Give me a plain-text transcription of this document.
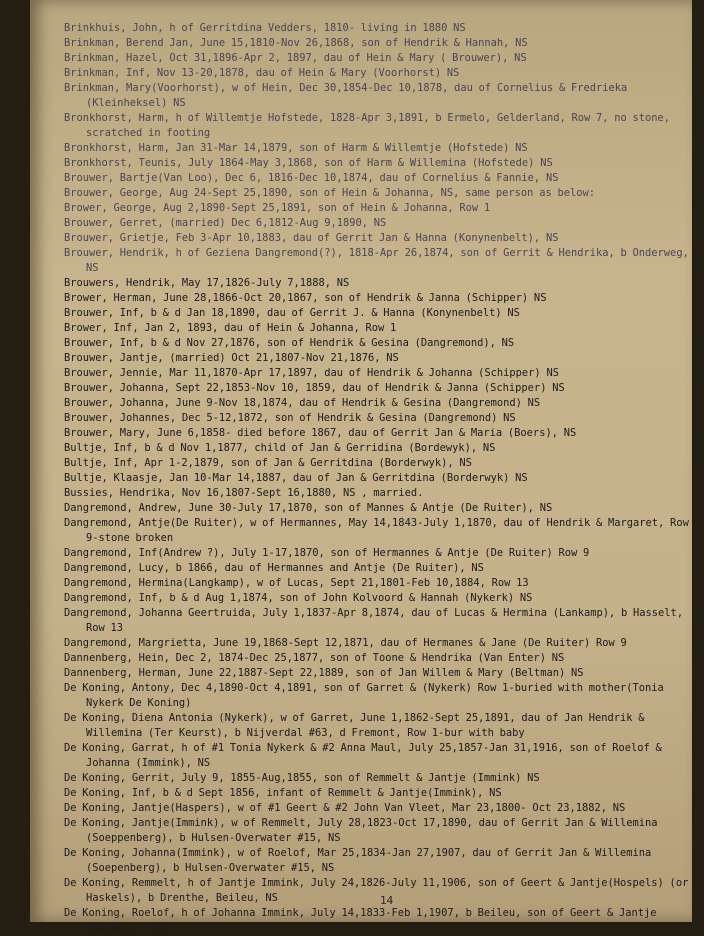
Brinkhuis, John, h of Gerritdina Vedders, 1810- living in 1880 NS
Brinkman, Berend Jan, June 15,1810-Nov 26,1868, son of Hendrik & Hannah, NS
Brinkman, Hazel, Oct 31,1896-Apr 2, 1897, dau of Hein & Mary ( Brouwer), NS
Brinkman, Inf, Nov 13-20,1878, dau of Hein & Mary (Voorhorst) NS
Brinkman, Mary(Voorhorst), w of Hein, Dec 30,1854-Dec 10,1878, dau of Cornelius & Fredrieka (Kleinheksel) NS
Bronkhorst, Harm, h of Willemtje Hofstede, 1828-Apr 3,1891, b Ermelo, Gelderland, Row 7, no stone, scratched in footing
Bronkhorst, Harm, Jan 31-Mar 14,1879, son of Harm & Willemtje (Hofstede) NS
Bronkhorst, Teunis, July 1864-May 3,1868, son of Harm & Willemina (Hofstede) NS
Brouwer, Bartje(Van Loo), Dec 6, 1816-Dec 10,1874, dau of Cornelius & Fannie, NS
Brouwer, George, Aug 24-Sept 25,1890, son of Hein & Johanna, NS, same person as below:
Brower, George, Aug 2,1890-Sept 25,1891, son of Hein & Johanna, Row 1
Brouwer, Gerret, (married) Dec 6,1812-Aug 9,1890, NS
Brouwer, Grietje, Feb 3-Apr 10,1883, dau of Gerrit Jan & Hanna (Konynenbelt), NS
Brouwer, Hendrik, h of Geziena Dangremond(?), 1818-Apr 26,1874, son of Gerrit & Hendrika, b Onderweg, NS
Brouwers, Hendrik, May 17,1826-July 7,1888, NS
Brower, Herman, June 28,1866-Oct 20,1867, son of Hendrik & Janna (Schipper) NS
Brouwer, Inf, b & d Jan 18,1890, dau of Gerrit J. & Hanna (Konynenbelt) NS
Brower, Inf, Jan 2, 1893, dau of Hein & Johanna, Row 1
Brouwer, Inf, b & d Nov 27,1876, son of Hendrik & Gesina (Dangremond), NS
Brouwer, Jantje, (married) Oct 21,1807-Nov 21,1876, NS
Brouwer, Jennie, Mar 11,1870-Apr 17,1897, dau of Hendrik & Johanna (Schipper) NS
Brouwer, Johanna, Sept 22,1853-Nov 10, 1859, dau of Hendrik & Janna (Schipper) NS
Brouwer, Johanna, June 9-Nov 18,1874, dau of Hendrik & Gesina (Dangremond) NS
Brouwer, Johannes, Dec 5-12,1872, son of Hendrik & Gesina (Dangremond) NS
Brouwer, Mary, June 6,1858- died before 1867, dau of Gerrit Jan & Maria (Boers), NS
Bultje, Inf, b & d Nov 1,1877, child of Jan & Gerridina (Bordewyk), NS
Bultje, Inf, Apr 1-2,1879, son of Jan & Gerritdina (Borderwyk), NS
Bultje, Klaasje, Jan 10-Mar 14,1887, dau of Jan & Gerritdina (Borderwyk) NS
Bussies, Hendrika, Nov 16,1807-Sept 16,1880, NS , married.
Dangremond, Andrew, June 30-July 17,1870, son of Mannes & Antje (De Ruiter), NS
Dangremond, Antje(De Ruiter), w of Hermannes, May 14,1843-July 1,1870, dau of Hendrik & Margaret, Row 9-stone broken
Dangremond, Inf(Andrew ?), July 1-17,1870, son of Hermannes & Antje (De Ruiter) Row 9
Dangremond, Lucy, b 1866, dau of Hermannes and Antje (De Ruiter), NS
Dangremond, Hermina(Langkamp), w of Lucas, Sept 21,1801-Feb 10,1884, Row 13
Dangremond, Inf, b & d Aug 1,1874, son of John Kolvoord & Hannah (Nykerk) NS
Dangremond, Johanna Geertruida, July 1,1837-Apr 8,1874, dau of Lucas & Hermina (Lankamp), b Hasselt, Row 13
Dangremond, Margrietta, June 19,1868-Sept 12,1871, dau of Hermanes & Jane (De Ruiter) Row 9
Dannenberg, Hein, Dec 2, 1874-Dec 25,1877, son of Toone & Hendrika (Van Enter) NS
Dannenberg, Herman, June 22,1887-Sept 22,1889, son of Jan Willem & Mary (Beltman) NS
De Koning, Antony, Dec 4,1890-Oct 4,1891, son of Garret & (Nykerk) Row 1-buried with mother(Tonia Nykerk De Koning)
De Koning, Diena Antonia (Nykerk), w of Garret, June 1,1862-Sept 25,1891, dau of Jan Hendrik & Willemina (Ter Keurst), b Nijverdal #63, d Fremont, Row 1-bur with baby
De Koning, Garrat, h of #1 Tonia Nykerk & #2 Anna Maul, July 25,1857-Jan 31,1916, son of Roelof & Johanna (Immink), NS
De Koning, Gerrit, July 9, 1855-Aug,1855, son of Remmelt & Jantje (Immink) NS
De Koning, Inf, b & d Sept 1856, infant of Remmelt & Jantje(Immink), NS
De Koning, Jantje(Haspers), w of #1 Geert & #2 John Van Vleet, Mar 23,1800- Oct 23,1882, NS
De Koning, Jantje(Immink), w of Remmelt, July 28,1823-Oct 17,1890, dau of Gerrit Jan & Willemina (Soeppenberg), b Hulsen-Overwater #15, NS
De Koning, Johanna(Immink), w of Roelof, Mar 25,1834-Jan 27,1907, dau of Gerrit Jan & Willemina (Soepenberg), b Hulsen-Overwater #15, NS
De Koning, Remmelt, h of Jantje Immink, July 24,1826-July 11,1906, son of Geert & Jantje(Hospels) (or Haskels), b Drenthe, Beileu, NS
De Koning, Roelof, h of Johanna Immink, July 14,1833-Feb 1,1907, b Beileu, son of Geert & Jantje (Hospels), NS
14
